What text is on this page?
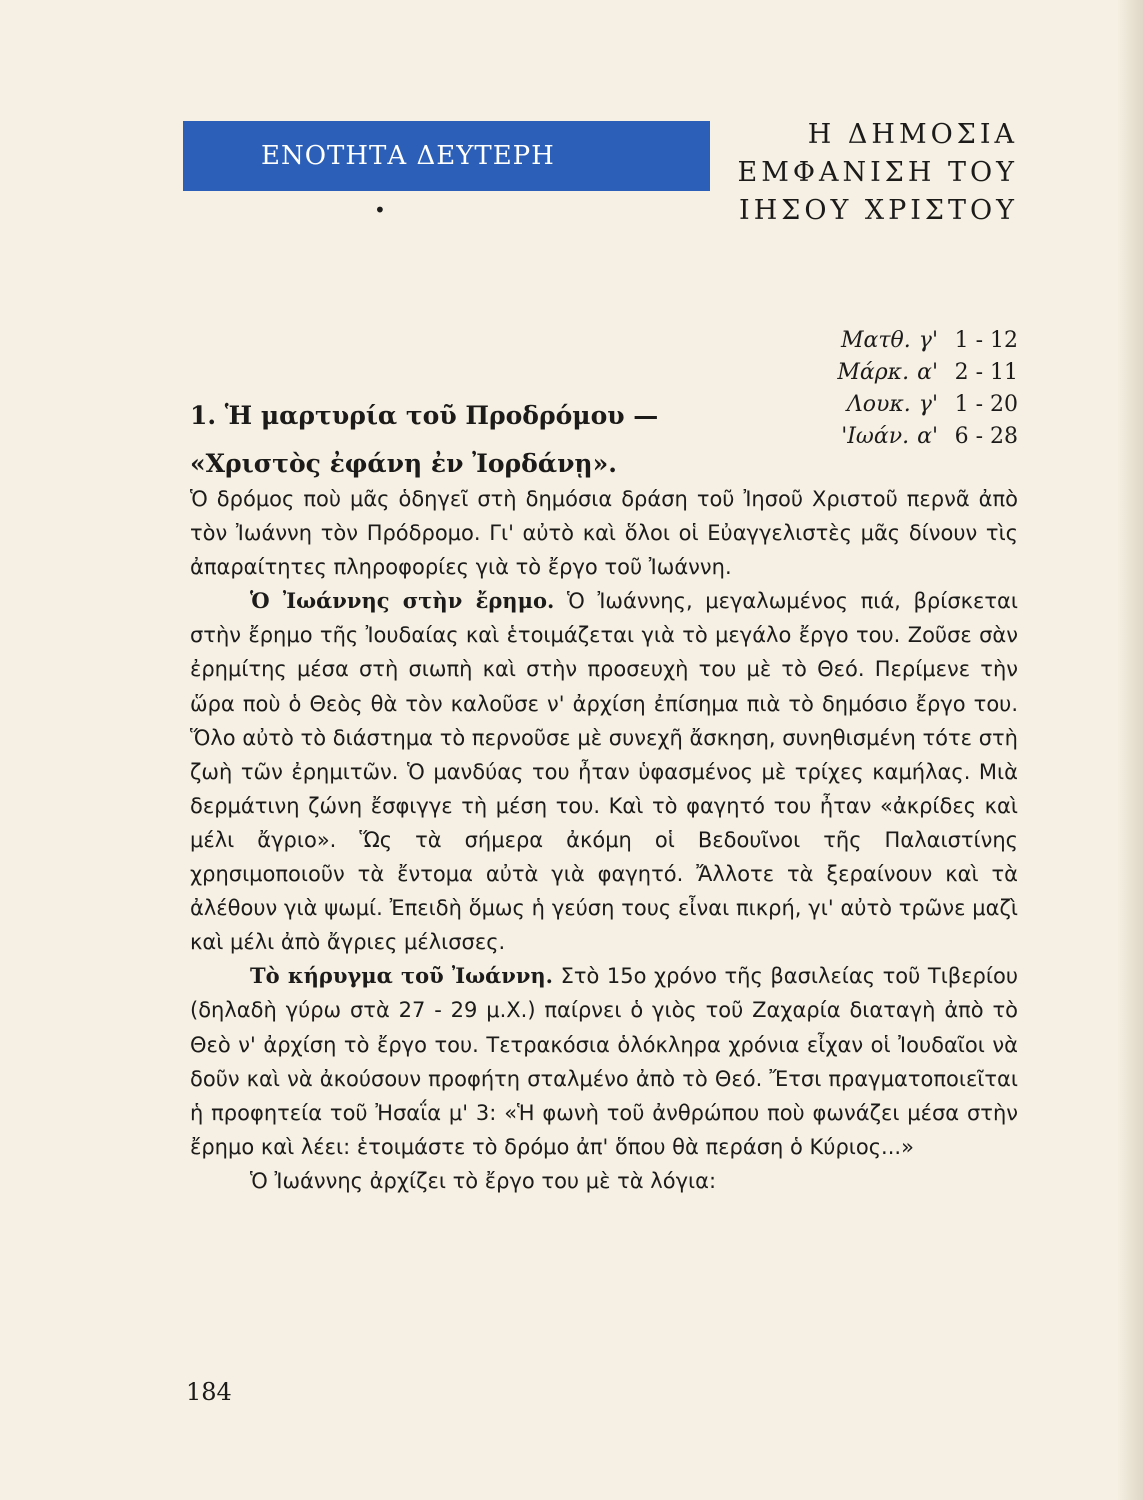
ΕΝΟΤΗΤΑ ΔΕΥΤΕΡΗ
Η ΔΗΜΟΣΙΑ
ΕΜΦΑΝΙΣΗ ΤΟΥ
ΙΗΣΟΥ ΧΡΙΣΤΟΥ
•
Ματθ. γ' 1 - 12
Μάρκ. α' 2 - 11
Λουκ. γ' 1 - 20
'Ιωάν. α' 6 - 28
1. Ἡ μαρτυρία τοῦ Προδρόμου —
«Χριστὸς ἐφάνη ἐν Ἰορδάνῃ».

Ὁ δρόμος ποὺ μᾶς ὁδηγεῖ στὴ δημόσια δράση τοῦ Ἰησοῦ Χριστοῦ περνᾶ ἀπὸ τὸν Ἰωάννη τὸν Πρόδρομο. Γι' αὐτὸ καὶ ὅλοι οἱ Εὐαγγελιστὲς μᾶς δίνουν τὶς ἀπαραίτητες πληροφορίες γιὰ τὸ ἔργο τοῦ Ἰωάννη.

Ὁ Ἰωάννης στὴν ἔρημο. Ὁ Ἰωάννης, μεγαλωμένος πιά, βρίσκεται στὴν ἔρημο τῆς Ἰουδαίας καὶ ἑτοιμάζεται γιὰ τὸ μεγάλο ἔργο του. Ζοῦσε σὰν ἐρημίτης μέσα στὴ σιωπὴ καὶ στὴν προσευχὴ του μὲ τὸ Θεό. Περίμενε τὴν ὥρα ποὺ ὁ Θεὸς θὰ τὸν καλοῦσε ν' ἀρχίση ἐπίσημα πιὰ τὸ δημόσιο ἔργο του. Ὅλο αὐτὸ τὸ διάστημα τὸ περνοῦσε μὲ συνεχῆ ἄσκηση, συνηθισμένη τότε στὴ ζωὴ τῶν ἐρημιτῶν. Ὁ μανδύας του ἦταν ὑφασμένος μὲ τρίχες καμήλας. Μιὰ δερμάτινη ζώνη ἔσφιγγε τὴ μέση του. Καὶ τὸ φαγητό του ἦταν «ἀκρίδες καὶ μέλι ἄγριο». Ὥς τὰ σήμερα ἀκόμη οἱ Βεδουῖνοι τῆς Παλαιστίνης χρησιμοποιοῦν τὰ ἔντομα αὐτὰ γιὰ φαγητό. Ἄλλοτε τὰ ξεραίνουν καὶ τὰ ἀλέθουν γιὰ ψωμί. Ἐπειδὴ ὅμως ἡ γεύση τους εἶναι πικρή, γι' αὐτὸ τρῶνε μαζὶ καὶ μέλι ἀπὸ ἄγριες μέλισσες.

Τὸ κήρυγμα τοῦ Ἰωάννη. Στὸ 15ο χρόνο τῆς βασιλείας τοῦ Τιβερίου (δηλαδὴ γύρω στὰ 27 - 29 μ.Χ.) παίρνει ὁ γιὸς τοῦ Ζαχαρία διαταγὴ ἀπὸ τὸ Θεὸ ν' ἀρχίση τὸ ἔργο του. Τετρακόσια ὁλόκληρα χρόνια εἶχαν οἱ Ἰουδαῖοι νὰ δοῦν καὶ νὰ ἀκούσουν προφήτη σταλμένο ἀπὸ τὸ Θεό. Ἔτσι πραγματοποιεῖται ἡ προφητεία τοῦ Ἠσαΐα μ' 3: «Ἡ φωνὴ τοῦ ἀνθρώπου ποὺ φωνάζει μέσα στὴν ἔρημο καὶ λέει: ἑτοιμάστε τὸ δρόμο ἀπ' ὅπου θὰ περάση ὁ Κύριος...»

Ὁ Ἰωάννης ἀρχίζει τὸ ἔργο του μὲ τὰ λόγια:

184
